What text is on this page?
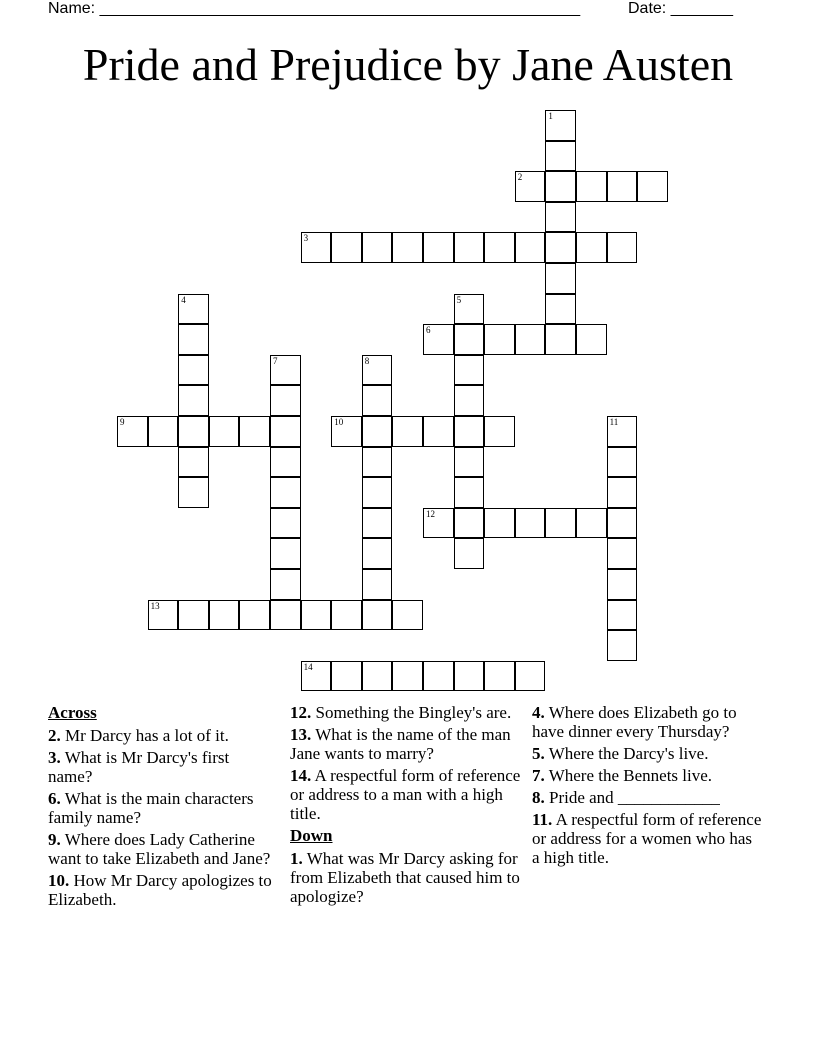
Name: ______________________________________________________	Date: _______
Pride and Prejudice by Jane Austen
1
2
3
4	5
6
7	8
9	10	11
12
13
14
Across
2. Mr Darcy has a lot of it.
3. What is Mr Darcy's first name?
6. What is the main characters family name?
9. Where does Lady Catherine want to take Elizabeth and Jane?
10. How Mr Darcy apologizes to Elizabeth.
12. Something the Bingley's are.
13. What is the name of the man Jane wants to marry?
14. A respectful form of reference or address to a man with a high title.
Down
1. What was Mr Darcy asking for from Elizabeth that caused him to apologize?
4. Where does Elizabeth go to have dinner every Thursday?
5. Where the Darcy's live.
7. Where the Bennets live.
8. Pride and ____________
11. A respectful form of reference or address for a women who has a high title.
